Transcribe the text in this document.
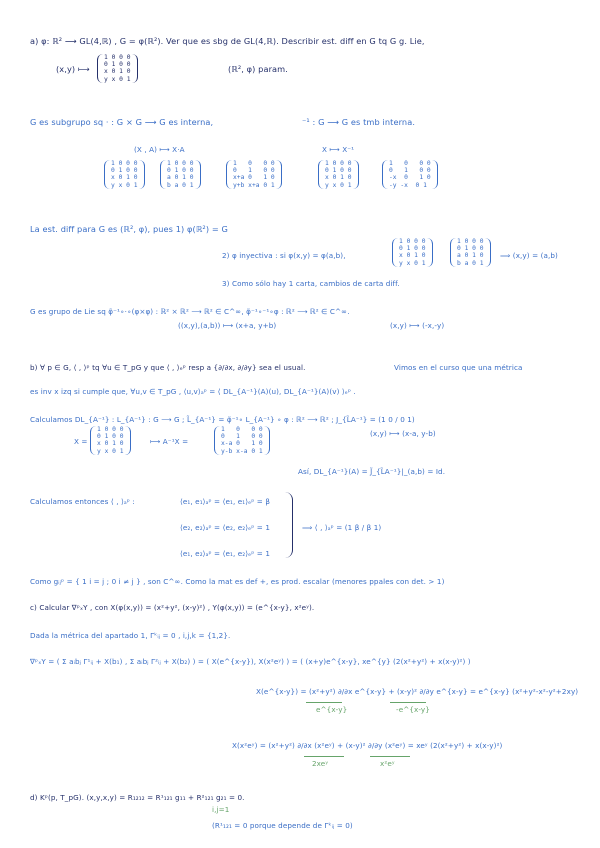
a) φ: ℝ² ⟶ GL(4,ℝ) , G = φ(ℝ²). Ver que es sbg de GL(4,ℝ). Describir est. diff en G tq G g. Lie,
(x,y) ⟼
1 0 0 0
0 1 0 0
x 0 1 0
y x 0 1
(ℝ², φ) param.
G es subgrupo sq · : G × G ⟶ G es interna,	⁻¹ : G ⟶ G es tmb interna.
(X , A) ⟼ X·A	X ⟼ X⁻¹
1 0 0 0
0 1 0 0
x 0 1 0
y x 0 1
1 0 0 0
0 1 0 0
a 0 1 0
b a 0 1
1   0   0 0
0   1   0 0
x+a 0   1 0
y+b x+a 0 1
1 0 0 0
0 1 0 0
x 0 1 0
y x 0 1
1   0   0 0
0   1   0 0
-x  0   1 0
-y -x  0 1
La est. diff para G es (ℝ², φ), pues 1) φ(ℝ²) = G
2) φ inyectiva : si φ(x,y) = φ(a,b),
1 0 0 0
0 1 0 0
x 0 1 0
y x 0 1
1 0 0 0
0 1 0 0
a 0 1 0
b a 0 1
⟹ (x,y) = (a,b)
3) Como sólo hay 1 carta, cambios de carta diff.
G es grupo de Lie sq φ̃⁻¹∘·∘(φ×φ) : ℝ² × ℝ² ⟶ ℝ² ∈ C^∞, φ̃⁻¹∘⁻¹∘φ : ℝ² ⟶ ℝ² ∈ C^∞.
((x,y),(a,b)) ⟼ (x+a, y+b)	(x,y) ⟼ (-x,-y)
b) ∀ p ∈ G, ⟨ , ⟩ᵖ tq ∀u ∈ T_pG y que ⟨ , ⟩ₑᵖ resp a {∂/∂x, ∂/∂y} sea el usual.	Vimos en el curso que una métrica
es inv x izq si cumple que, ∀u,v ∈ T_pG , ⟨u,v⟩ₐᵖ = ⟨ DL_{A⁻¹}(A)(u), DL_{A⁻¹}(A)(v) ⟩ₑᵖ .
Calculamos DL_{A⁻¹} : L_{A⁻¹} : G ⟶ G ; L̃_{A⁻¹} = φ̃⁻¹∘ L_{A⁻¹} ∘ φ : ℝ² ⟶ ℝ² ; J_{L̃A⁻¹} = (1 0 / 0 1)
(x,y) ⟼ (x-a, y-b)
X =
1 0 0 0
0 1 0 0
x 0 1 0
y x 0 1
⟼ A⁻¹X =
1   0   0 0
0   1   0 0
x-a 0   1 0
y-b x-a 0 1
Así, DL_{A⁻¹}(A) = J̃_{L̃A⁻¹}|_(a,b) = Id.
Calculamos entonces ⟨ , ⟩ₐᵖ :	⟨e₁, e₁⟩ₐᵖ = ⟨e₁, e₁⟩ₑᵖ = β
⟨e₂, e₂⟩ₐᵖ = ⟨e₂, e₂⟩ₑᵖ = 1
⟨e₁, e₂⟩ₐᵖ = ⟨e₁, e₂⟩ₑᵖ = 1
⟹ ⟨ , ⟩ₐᵖ = (1 β / β 1)
Como gᵢⱼᵖ = { 1 i = j ; 0 i ≠ j } , son C^∞. Como la mat es def +, es prod. escalar (menores ppales con det. > 1)
c) Calcular ∇ᵖₓY , con X(φ(x,y)) = (x²+y², (x-y)²) , Y(φ(x,y)) = (e^{x-y}, x²eʸ).
Dada la métrica del apartado 1, Γᵏᵢⱼ = 0 , i,j,k = {1,2}.
∇ᵖₓY = ( Σ aᵢbⱼ Γ¹ᵢⱼ + X(b₁) , Σ aᵢbⱼ Γ²ᵢⱼ + X(b₂) ) = ( X(e^{x-y}), X(x²eʸ) ) = ( (x+y)e^{x-y}, xe^{y} (2(x²+y²) + x(x-y)²) )
X(e^{x-y}) = (x²+y²) ∂/∂x e^{x-y} + (x-y)² ∂/∂y e^{x-y} = e^{x-y} (x²+y²-x²-y²+2xy)
e^{x-y}	-e^{x-y}
X(x²eʸ) = (x²+y²) ∂/∂x (x²eʸ) + (x-y)² ∂/∂y (x²eʸ) = xeʸ (2(x²+y²) + x(x-y)²)
2xeʸ	x²eʸ
d) Kᵖ(p, T_pG). (x,y,x,y) = R₁₂₁₂ = R¹₁₂₁ g₁₁ + R²₁₂₁ g₂₁ = 0.
i,j=1
(R¹₁₂₁ = 0 porque depende de Γᵏᵢⱼ = 0)
